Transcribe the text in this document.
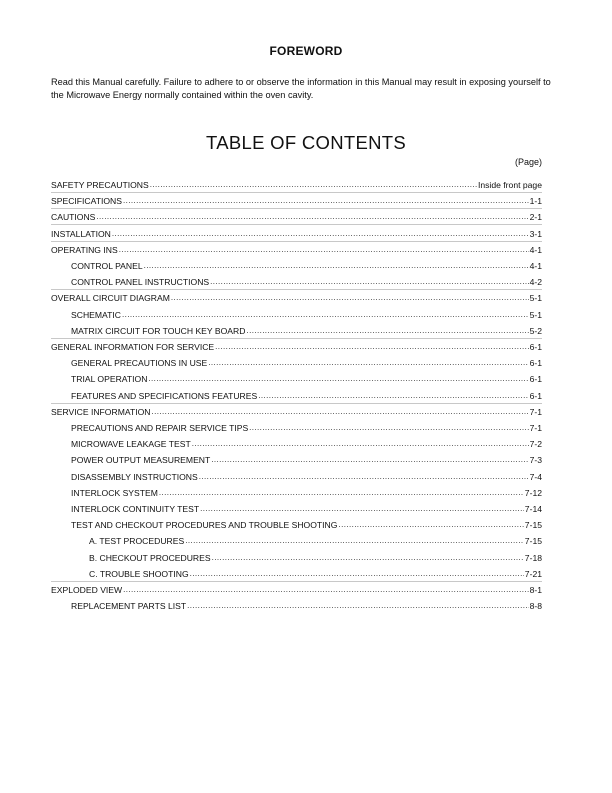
FOREWORD
Read this Manual carefully. Failure to adhere to or observe the information in this Manual may result in exposing yourself to the Microwave Energy normally contained within the oven cavity.
TABLE OF CONTENTS
(Page)
SAFETY PRECAUTIONS .....	Inside front page
SPECIFICATIONS .....	1-1
CAUTIONS .....	2-1
INSTALLATION .....	3-1
OPERATING INS .....	4-1
CONTROL PANEL .....	4-1
CONTROL PANEL INSTRUCTIONS .....	4-2
OVERALL CIRCUIT DIAGRAM .....	5-1
SCHEMATIC .....	5-1
MATRIX CIRCUIT FOR TOUCH KEY BOARD .....	5-2
GENERAL INFORMATION FOR SERVICE .....	6-1
GENERAL PRECAUTIONS IN USE .....	6-1
TRIAL OPERATION .....	6-1
FEATURES AND SPECIFICATIONS FEATURES .....	6-1
SERVICE INFORMATION .....	7-1
PRECAUTIONS AND REPAIR SERVICE TIPS .....	7-1
MICROWAVE LEAKAGE TEST .....	7-2
POWER OUTPUT MEASUREMENT .....	7-3
DISASSEMBLY INSTRUCTIONS .....	7-4
INTERLOCK SYSTEM .....	7-12
INTERLOCK CONTINUITY TEST .....	7-14
TEST AND CHECKOUT PROCEDURES AND TROUBLE SHOOTING .....	7-15
A. TEST PROCEDURES .....	7-15
B. CHECKOUT PROCEDURES .....	7-18
C. TROUBLE SHOOTING .....	7-21
EXPLODED VIEW .....	8-1
REPLACEMENT PARTS LIST .....	8-8
